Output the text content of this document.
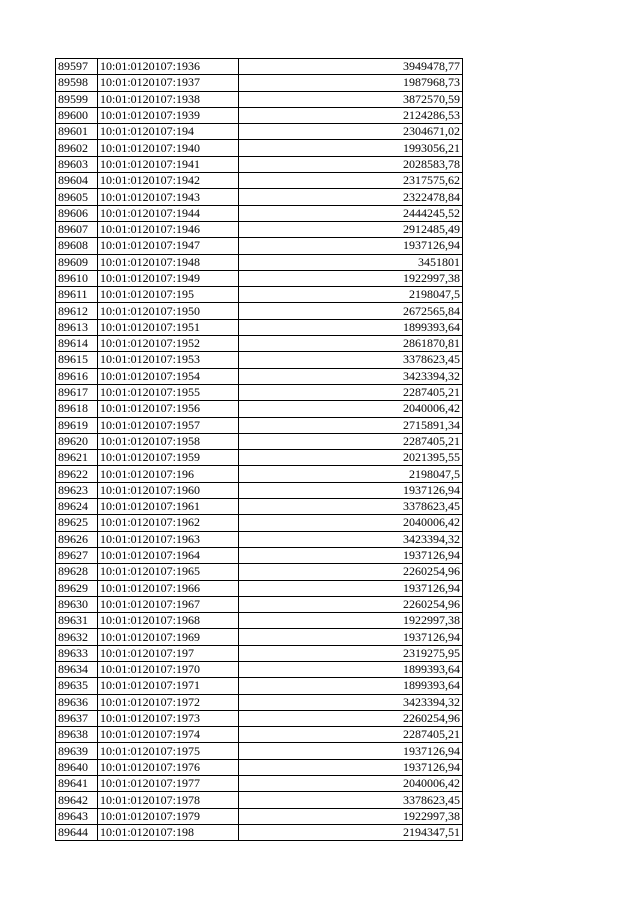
89597	10:01:0120107:1936	3949478,77
89598	10:01:0120107:1937	1987968,73
89599	10:01:0120107:1938	3872570,59
89600	10:01:0120107:1939	2124286,53
89601	10:01:0120107:194	2304671,02
89602	10:01:0120107:1940	1993056,21
89603	10:01:0120107:1941	2028583,78
89604	10:01:0120107:1942	2317575,62
89605	10:01:0120107:1943	2322478,84
89606	10:01:0120107:1944	2444245,52
89607	10:01:0120107:1946	2912485,49
89608	10:01:0120107:1947	1937126,94
89609	10:01:0120107:1948	3451801
89610	10:01:0120107:1949	1922997,38
89611	10:01:0120107:195	2198047,5
89612	10:01:0120107:1950	2672565,84
89613	10:01:0120107:1951	1899393,64
89614	10:01:0120107:1952	2861870,81
89615	10:01:0120107:1953	3378623,45
89616	10:01:0120107:1954	3423394,32
89617	10:01:0120107:1955	2287405,21
89618	10:01:0120107:1956	2040006,42
89619	10:01:0120107:1957	2715891,34
89620	10:01:0120107:1958	2287405,21
89621	10:01:0120107:1959	2021395,55
89622	10:01:0120107:196	2198047,5
89623	10:01:0120107:1960	1937126,94
89624	10:01:0120107:1961	3378623,45
89625	10:01:0120107:1962	2040006,42
89626	10:01:0120107:1963	3423394,32
89627	10:01:0120107:1964	1937126,94
89628	10:01:0120107:1965	2260254,96
89629	10:01:0120107:1966	1937126,94
89630	10:01:0120107:1967	2260254,96
89631	10:01:0120107:1968	1922997,38
89632	10:01:0120107:1969	1937126,94
89633	10:01:0120107:197	2319275,95
89634	10:01:0120107:1970	1899393,64
89635	10:01:0120107:1971	1899393,64
89636	10:01:0120107:1972	3423394,32
89637	10:01:0120107:1973	2260254,96
89638	10:01:0120107:1974	2287405,21
89639	10:01:0120107:1975	1937126,94
89640	10:01:0120107:1976	1937126,94
89641	10:01:0120107:1977	2040006,42
89642	10:01:0120107:1978	3378623,45
89643	10:01:0120107:1979	1922997,38
89644	10:01:0120107:198	2194347,51
